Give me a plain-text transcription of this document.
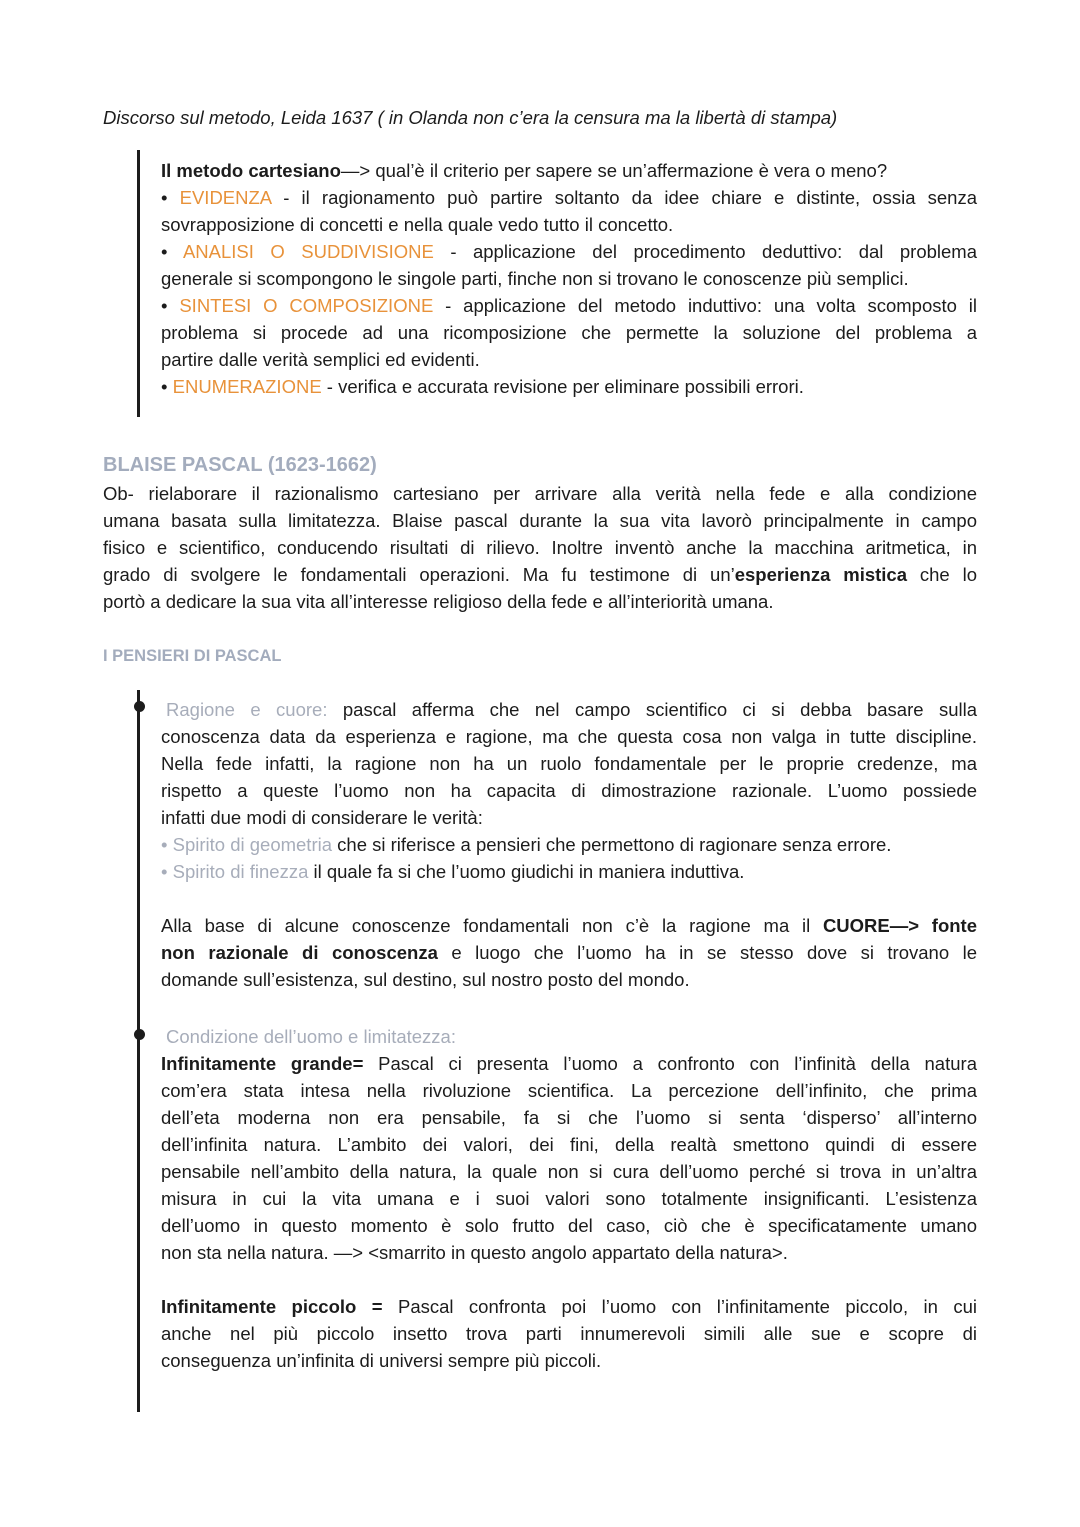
Discorso sul metodo, Leida 1637 ( in Olanda non c’era la censura ma la libertà di stampa)

Il metodo cartesiano—> qual’è il criterio per sapere se un’affermazione è vera o meno?
• EVIDENZA - il ragionamento può partire soltanto da idee chiare e distinte, ossia senza
sovrapposizione di concetti e nella quale vedo tutto il concetto.
• ANALISI O SUDDIVISIONE - applicazione del procedimento deduttivo: dal problema
generale si scompongono le singole parti, finche non si trovano le conoscenze più semplici.
• SINTESI O COMPOSIZIONE - applicazione del metodo induttivo: una volta scomposto il
problema si procede ad una ricomposizione che permette la soluzione del problema a
partire dalle verità semplici ed evidenti.
• ENUMERAZIONE - verifica e accurata revisione per eliminare possibili errori.
BLAISE PASCAL (1623-1662)
Ob- rielaborare il razionalismo cartesiano per arrivare alla verità nella fede e alla condizione
umana basata sulla limitatezza. Blaise pascal durante la sua vita lavorò principalmente in campo
fisico e scientifico, conducendo risultati di rilievo. Inoltre inventò anche la macchina aritmetica, in
grado di svolgere le fondamentali operazioni. Ma fu testimone di un’esperienza mistica che lo
portò a dedicare la sua vita all’interesse religioso della fede e all’interiorità umana.
I PENSIERI DI PASCAL
Ragione e cuore: pascal afferma che nel campo scientifico ci si debba basare sulla
conoscenza data da esperienza e ragione, ma che questa cosa non valga in tutte discipline.
Nella fede infatti, la ragione non ha un ruolo fondamentale per le proprie credenze, ma
rispetto a queste l’uomo non ha capacita di dimostrazione razionale. L’uomo possiede
infatti due modi di considerare le verità:
• Spirito di geometria che si riferisce a pensieri che permettono di ragionare senza errore.
• Spirito di finezza il quale fa si che l’uomo giudichi in maniera induttiva.
Alla base di alcune conoscenze fondamentali non c’è la ragione ma il CUORE—> fonte
non razionale di conoscenza e luogo che l’uomo ha in se stesso dove si trovano le
domande sull’esistenza, sul destino, sul nostro posto del mondo.
Condizione dell’uomo e limitatezza:
Infinitamente grande= Pascal ci presenta l’uomo a confronto con l’infinità della natura
com’era stata intesa nella rivoluzione scientifica. La percezione dell’infinito, che prima
dell’eta moderna non era pensabile, fa si che l’uomo si senta ‘disperso’ all’interno
dell’infinita natura. L’ambito dei valori, dei fini, della realtà smettono quindi di essere
pensabile nell’ambito della natura, la quale non si cura dell’uomo perché si trova in un’altra
misura in cui la vita umana e i suoi valori sono totalmente insignificanti. L’esistenza
dell’uomo in questo momento è solo frutto del caso, ciò che è specificatamente umano
non sta nella natura. —> <smarrito in questo angolo appartato della natura>.
Infinitamente piccolo = Pascal confronta poi l’uomo con l’infinitamente piccolo, in cui
anche nel più piccolo insetto trova parti innumerevoli simili alle sue e scopre di
conseguenza un’infinita di universi sempre più piccoli.
